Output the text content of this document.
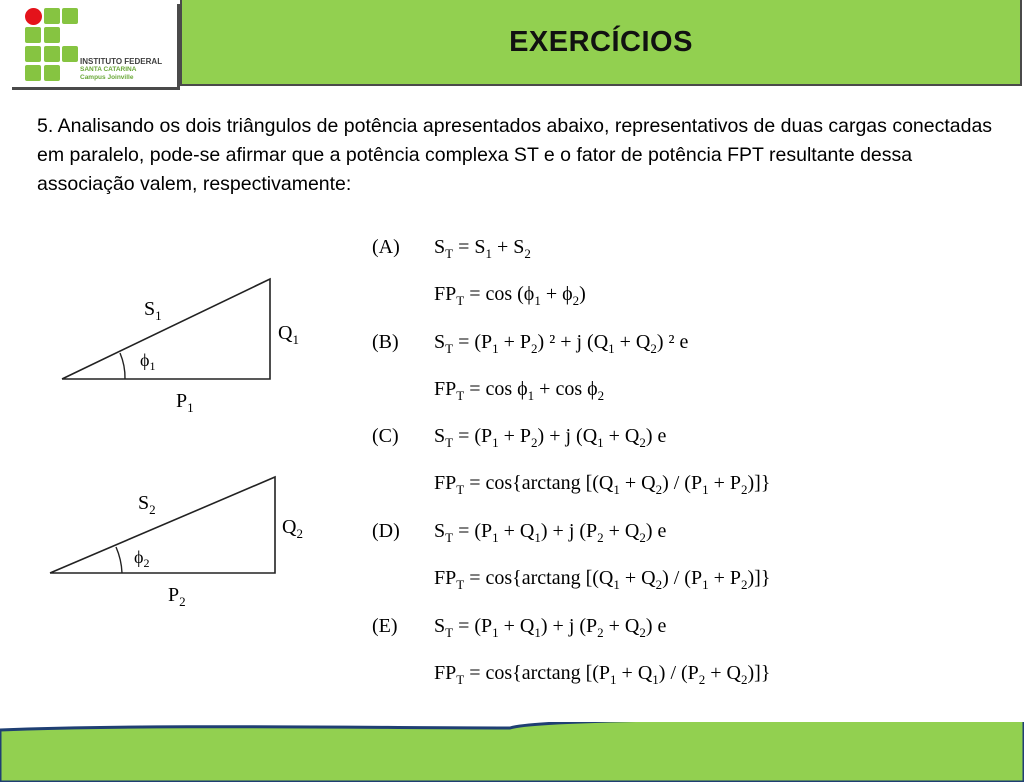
INSTITUTO FEDERAL
SANTA CATARINA
Campus Joinville
EXERCÍCIOS
5. Analisando os dois triângulos de potência apresentados abaixo, representativos de duas cargas conectadas em paralelo, pode-se afirmar que a potência complexa ST e o fator de potência FPT resultante dessa associação valem, respectivamente:
$S_1$
$\phi_1$
$Q_1$
$P_1$
$S_2$
$\phi_2$
$Q_2$
$P_2$
(A) $S_T = S_1 + S_2$
$FP_T = \cos (\phi_1 + \phi_2)$
(B) $S_T = (P_1 + P_2) ^2 + j$ $(Q_1 + Q_2)$ ² e
$FP_T = \cos \phi_1 + \cos \phi_2$
(C) $S_T = (P_1 + P_2) + j$ $(Q_1 + Q_2)$ e
$FP_T = \cos\{\arctan g$ $[(Q_1 + Q_2) / (P_1 + P_2)]$}
(D) $S_T = (P_1 + Q_1) + j$ $(P_2 + Q_2)$ e
$FP_T = \cos\{\arctan g$ $[(Q_1 + Q_2) / (P_1 + P_2)]$}
(E) $S_T = (P_1 + Q_1) + j$ $(P_2 + Q_2)$ e
$FP_T = \cos\{\arctan g$ $[(P_1 + Q_1) / (P_2 + Q_2)]$}
